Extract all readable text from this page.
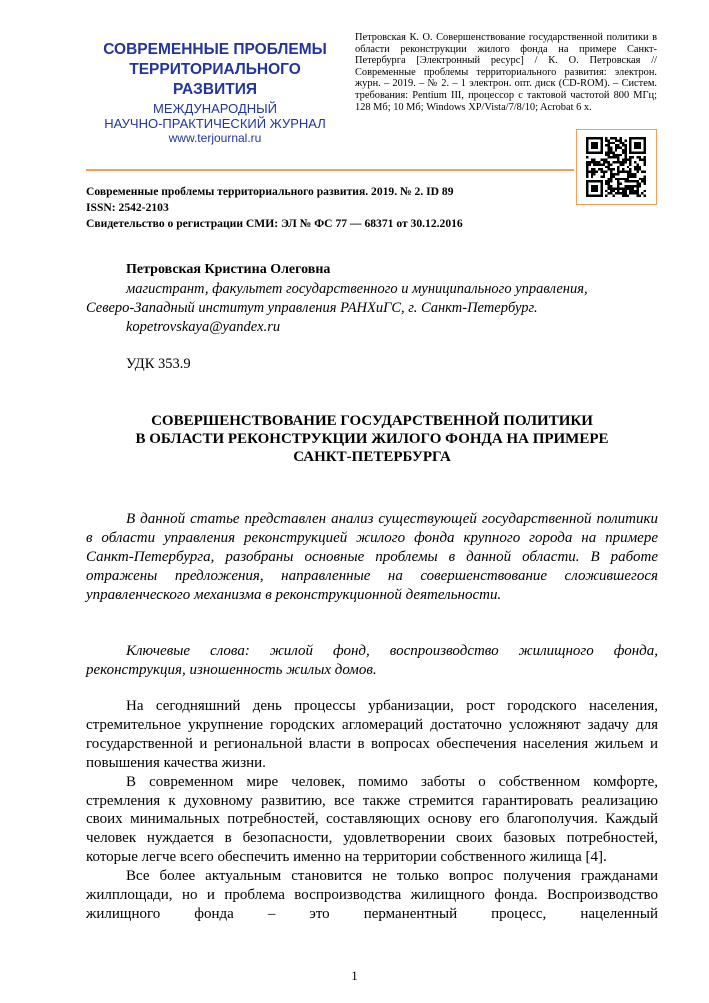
СОВРЕМЕННЫЕ ПРОБЛЕМЫ
ТЕРРИТОРИАЛЬНОГО
РАЗВИТИЯ
МЕЖДУНАРОДНЫЙ
НАУЧНО-ПРАКТИЧЕСКИЙ ЖУРНАЛ
www.terjournal.ru
Петровская К. О. Совершенствование государственной политики в области реконструкции жилого фонда на примере Санкт-Петербурга [Электронный ресурс] / К. О. Петровская // Современные проблемы территориального развития: электрон. журн. – 2019. – № 2. – 1 электрон. опт. диск (CD-ROM). – Систем. требования: Pentium III, процессор с тактовой частотой 800 МГц; 128 Мб; 10 Мб; Windows XP/Vista/7/8/10; Acrobat 6 x.
Современные проблемы территориального развития. 2019. № 2. ID 89
ISSN: 2542-2103
Свидетельство о регистрации СМИ: ЭЛ № ФС 77 — 68371 от 30.12.2016
Петровская Кристина Олеговна
магистрант, факультет государственного и муниципального управления,
Северо-Западный институт управления РАНХиГС, г. Санкт-Петербург.
kopetrovskaya@yandex.ru
УДК 353.9
СОВЕРШЕНСТВОВАНИЕ ГОСУДАРСТВЕННОЙ ПОЛИТИКИ
В ОБЛАСТИ РЕКОНСТРУКЦИИ ЖИЛОГО ФОНДА НА ПРИМЕРЕ
САНКТ-ПЕТЕРБУРГА
В данной статье представлен анализ существующей государственной политики в области управления реконструкцией жилого фонда крупного города на примере Санкт-Петербурга, разобраны основные проблемы в данной области. В работе отражены предложения, направленные на совершенствование сложившегося управленческого механизма в реконструкционной деятельности.
Ключевые слова: жилой фонд, воспроизводство жилищного фонда, реконструкция, изношенность жилых домов.

На сегодняшний день процессы урбанизации, рост городского населения, стремительное укрупнение городских агломераций достаточно усложняют задачу для государственной и региональной власти в вопросах обеспечения населения жильем и повышения качества жизни.

В современном мире человек, помимо заботы о собственном комфорте, стремления к духовному развитию, все также стремится гарантировать реализацию своих минимальных потребностей, составляющих основу его благополучия. Каждый человек нуждается в безопасности, удовлетворении своих базовых потребностей, которые легче всего обеспечить именно на территории собственного жилища [4].

Все более актуальным становится не только вопрос получения гражданами жилплощади, но и проблема воспроизводства жилищного фонда. Воспроизводство жилищного фонда – это перманентный процесс, нацеленный

1
